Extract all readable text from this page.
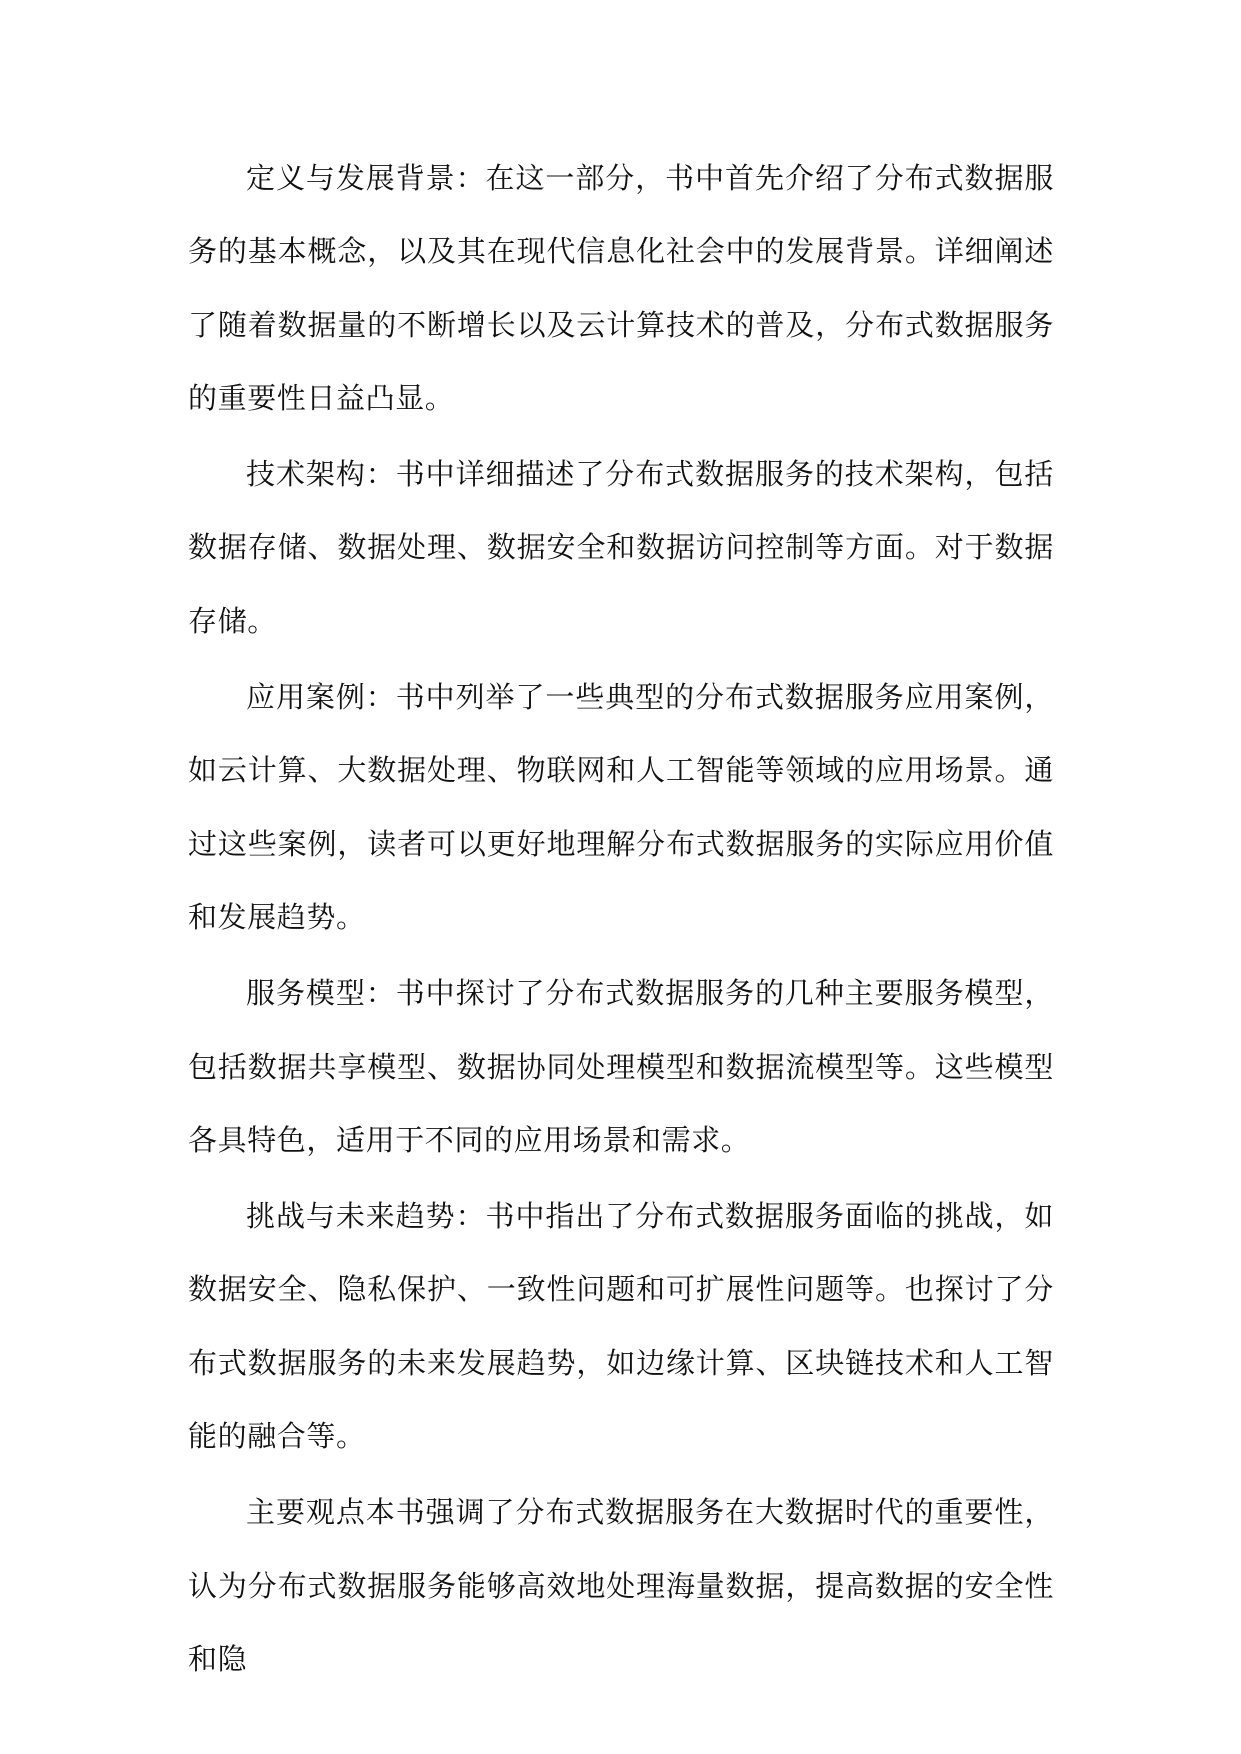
定义与发展背景：在这一部分，书中首先介绍了分布式数据服务的基本概念，以及其在现代信息化社会中的发展背景。详细阐述了随着数据量的不断增长以及云计算技术的普及，分布式数据服务的重要性日益凸显。

技术架构：书中详细描述了分布式数据服务的技术架构，包括数据存储、数据处理、数据安全和数据访问控制等方面。对于数据存储。

应用案例：书中列举了一些典型的分布式数据服务应用案例，如云计算、大数据处理、物联网和人工智能等领域的应用场景。通过这些案例，读者可以更好地理解分布式数据服务的实际应用价值和发展趋势。

服务模型：书中探讨了分布式数据服务的几种主要服务模型，包括数据共享模型、数据协同处理模型和数据流模型等。这些模型各具特色，适用于不同的应用场景和需求。

挑战与未来趋势：书中指出了分布式数据服务面临的挑战，如数据安全、隐私保护、一致性问题和可扩展性问题等。也探讨了分布式数据服务的未来发展趋势，如边缘计算、区块链技术和人工智能的融合等。

主要观点本书强调了分布式数据服务在大数据时代的重要性，认为分布式数据服务能够高效地处理海量数据，提高数据的安全性和隐
